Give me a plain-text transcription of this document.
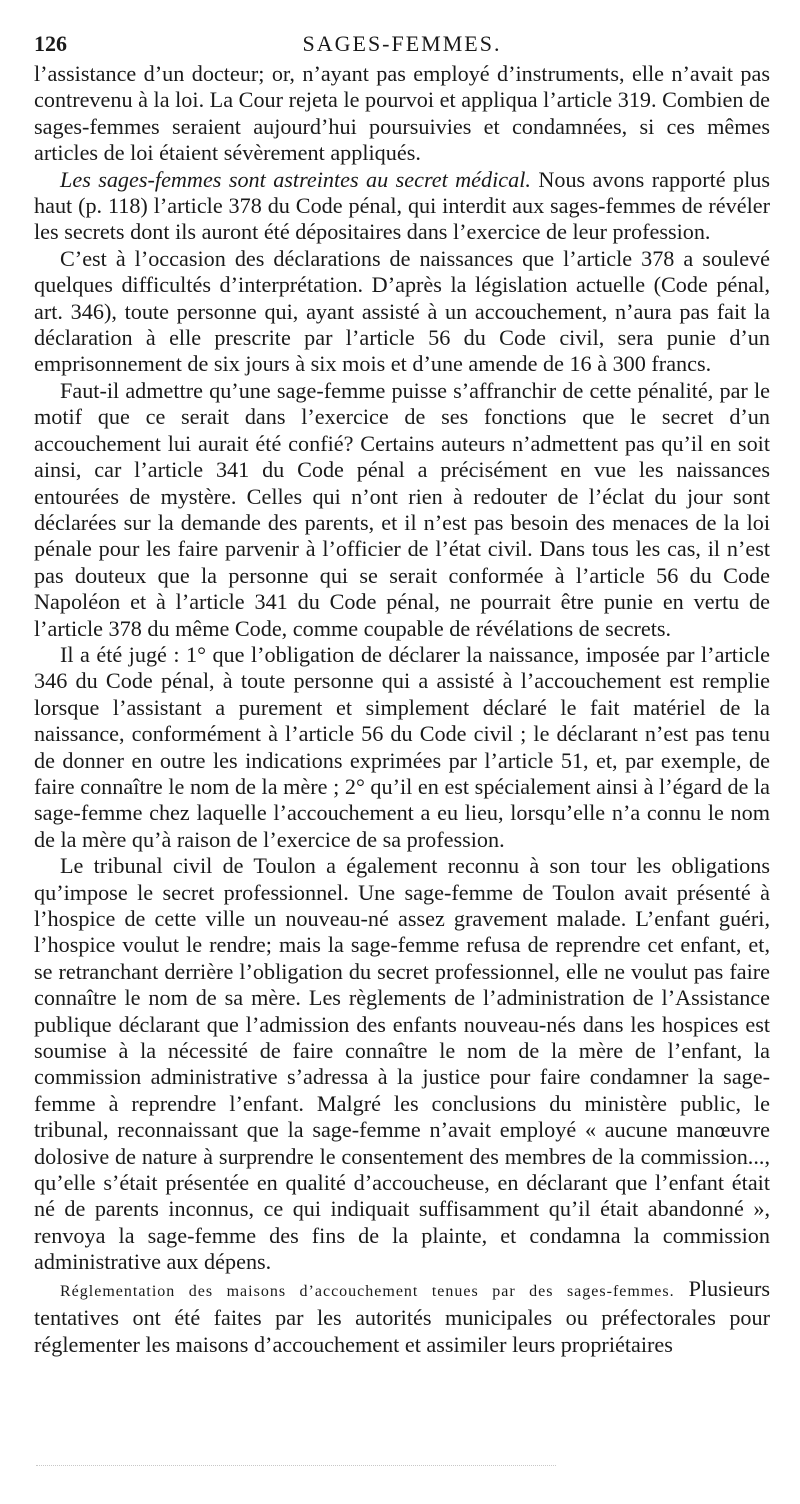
126	SAGES-FEMMES.

l’assistance d’un docteur; or, n’ayant pas employé d’instruments, elle n’avait pas contrevenu à la loi. La Cour rejeta le pourvoi et appliqua l’article 319. Combien de sages-femmes seraient aujourd’hui poursuivies et condamnées, si ces mêmes articles de loi étaient sévèrement appliqués.

Les sages-femmes sont astreintes au secret médical. Nous avons rapporté plus haut (p. 118) l’article 378 du Code pénal, qui interdit aux sages-femmes de révéler les secrets dont ils auront été dépositaires dans l’exercice de leur profession.

C’est à l’occasion des déclarations de naissances que l’article 378 a soulevé quelques difficultés d’interprétation. D’après la législation actuelle (Code pénal, art. 346), toute personne qui, ayant assisté à un accouchement, n’aura pas fait la déclaration à elle prescrite par l’article 56 du Code civil, sera punie d’un emprisonnement de six jours à six mois et d’une amende de 16 à 300 francs.

Faut-il admettre qu’une sage-femme puisse s’affranchir de cette pénalité, par le motif que ce serait dans l’exercice de ses fonctions que le secret d’un accouchement lui aurait été confié? Certains auteurs n’admettent pas qu’il en soit ainsi, car l’article 341 du Code pénal a précisément en vue les naissances entourées de mystère. Celles qui n’ont rien à redouter de l’éclat du jour sont déclarées sur la demande des parents, et il n’est pas besoin des menaces de la loi pénale pour les faire parvenir à l’officier de l’état civil. Dans tous les cas, il n’est pas douteux que la personne qui se serait conformée à l’article 56 du Code Napoléon et à l’article 341 du Code pénal, ne pourrait être punie en vertu de l’article 378 du même Code, comme coupable de révélations de secrets.

Il a été jugé : 1° que l’obligation de déclarer la naissance, imposée par l’article 346 du Code pénal, à toute personne qui a assisté à l’accouchement est remplie lorsque l’assistant a purement et simplement déclaré le fait matériel de la naissance, conformément à l’article 56 du Code civil ; le déclarant n’est pas tenu de donner en outre les indications exprimées par l’article 51, et, par exemple, de faire connaître le nom de la mère ; 2° qu’il en est spécialement ainsi à l’égard de la sage-femme chez laquelle l’accouchement a eu lieu, lorsqu’elle n’a connu le nom de la mère qu’à raison de l’exercice de sa profession.

Le tribunal civil de Toulon a également reconnu à son tour les obligations qu’impose le secret professionnel. Une sage-femme de Toulon avait présenté à l’hospice de cette ville un nouveau-né assez gravement malade. L’enfant guéri, l’hospice voulut le rendre; mais la sage-femme refusa de reprendre cet enfant, et, se retranchant derrière l’obligation du secret professionnel, elle ne voulut pas faire connaître le nom de sa mère. Les règlements de l’administration de l’Assistance publique déclarant que l’admission des enfants nouveau-nés dans les hospices est soumise à la nécessité de faire connaître le nom de la mère de l’enfant, la commission administrative s’adressa à la justice pour faire condamner la sage-femme à reprendre l’enfant. Malgré les conclusions du ministère public, le tribunal, reconnaissant que la sage-femme n’avait employé « aucune manœuvre dolosive de nature à surprendre le consentement des membres de la commission..., qu’elle s’était présentée en qualité d’accoucheuse, en déclarant que l’enfant était né de parents inconnus, ce qui indiquait suffisamment qu’il était abandonné », renvoya la sage-femme des fins de la plainte, et condamna la commission administrative aux dépens.

Réglementation des maisons d’accouchement tenues par des sages-femmes. Plusieurs tentatives ont été faites par les autorités municipales ou préfectorales pour réglementer les maisons d’accouchement et assimiler leurs propriétaires
